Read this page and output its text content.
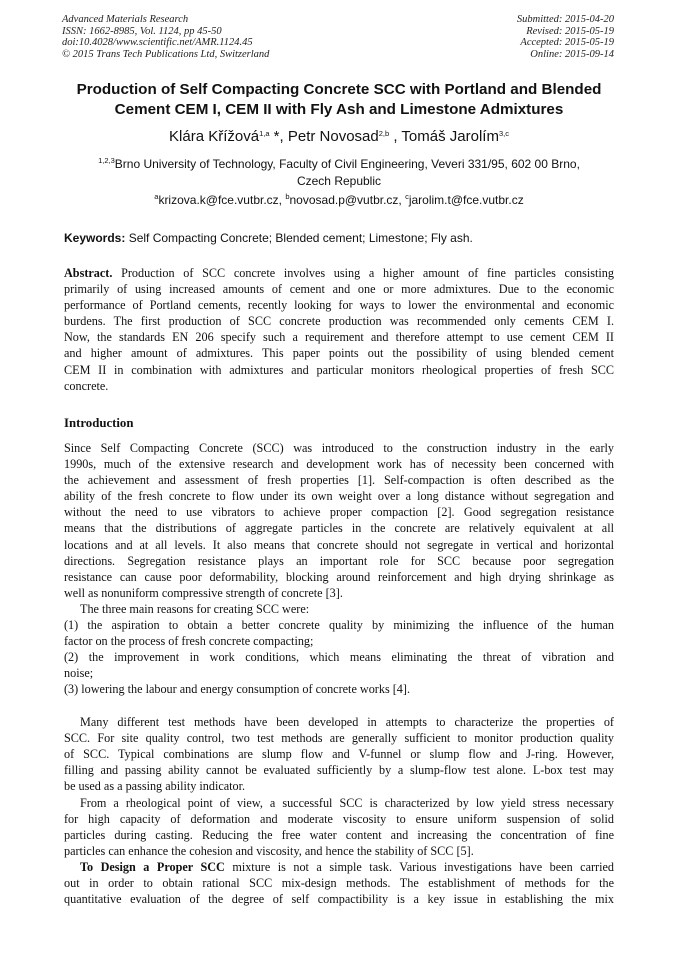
Advanced Materials Research
ISSN: 1662-8985, Vol. 1124, pp 45-50
doi:10.4028/www.scientific.net/AMR.1124.45
© 2015 Trans Tech Publications Ltd, Switzerland
Submitted: 2015-04-20
Revised: 2015-05-19
Accepted: 2015-05-19
Online: 2015-09-14
Production of Self Compacting Concrete SCC with Portland and Blended
Cement CEM I, CEM II with Fly Ash and Limestone Admixtures
Klára Křížová$^{1,a}$ *, Petr Novosad$^{2,b}$ , Tomáš Jarolím$^{3,c}$
$^{1,2,3}$Brno University of Technology, Faculty of Civil Engineering, Veveri 331/95, 602 00 Brno,
Czech Republic
$^a$krizova.k@fce.vutbr.cz, $^b$novosad.p@vutbr.cz, $^c$jarolim.t@fce.vutbr.cz
Keywords: Self Compacting Concrete; Blended cement; Limestone; Fly ash.
Abstract. Production of SCC concrete involves using a higher amount of fine particles consisting
primarily of using increased amounts of cement and one or more admixtures. Due to the economic
performance of Portland cements, recently looking for ways to lower the environmental and economic
burdens. The first production of SCC concrete production was recommended only cements CEM I.
Now, the standards EN 206 specify such a requirement and therefore attempt to use cement CEM II
and higher amount of admixtures. This paper points out the possibility of using blended cement
CEM II in combination with admixtures and particular monitors rheological properties of fresh SCC
concrete.
Introduction
Since Self Compacting Concrete (SCC) was introduced to the construction industry in the early
1990s, much of the extensive research and development work has of necessity been concerned with
the achievement and assessment of fresh properties [1]. Self-compaction is often described as the
ability of the fresh concrete to flow under its own weight over a long distance without segregation and
without the need to use vibrators to achieve proper compaction [2]. Good segregation resistance
means that the distributions of aggregate particles in the concrete are relatively equivalent at all
locations and at all levels. It also means that concrete should not segregate in vertical and horizontal
directions. Segregation resistance plays an important role for SCC because poor segregation
resistance can cause poor deformability, blocking around reinforcement and high drying shrinkage as
well as nonuniform compressive strength of concrete [3].
The three main reasons for creating SCC were:
(1) the aspiration to obtain a better concrete quality by minimizing the influence of the human
factor on the process of fresh concrete compacting;
(2) the improvement in work conditions, which means eliminating the threat of vibration and
noise;
(3) lowering the labour and energy consumption of concrete works [4].
Many different test methods have been developed in attempts to characterize the properties of
SCC. For site quality control, two test methods are generally sufficient to monitor production quality
of SCC. Typical combinations are slump flow and V-funnel or slump flow and J-ring. However,
filling and passing ability cannot be evaluated sufficiently by a slump-flow test alone. L-box test may
be used as a passing ability indicator.
From a rheological point of view, a successful SCC is characterized by low yield stress necessary
for high capacity of deformation and moderate viscosity to ensure uniform suspension of solid
particles during casting. Reducing the free water content and increasing the concentration of fine
particles can enhance the cohesion and viscosity, and hence the stability of SCC [5].
To Design a Proper SCC mixture is not a simple task. Various investigations have been carried
out in order to obtain rational SCC mix-design methods. The establishment of methods for the
quantitative evaluation of the degree of self compactibility is a key issue in establishing the mix
